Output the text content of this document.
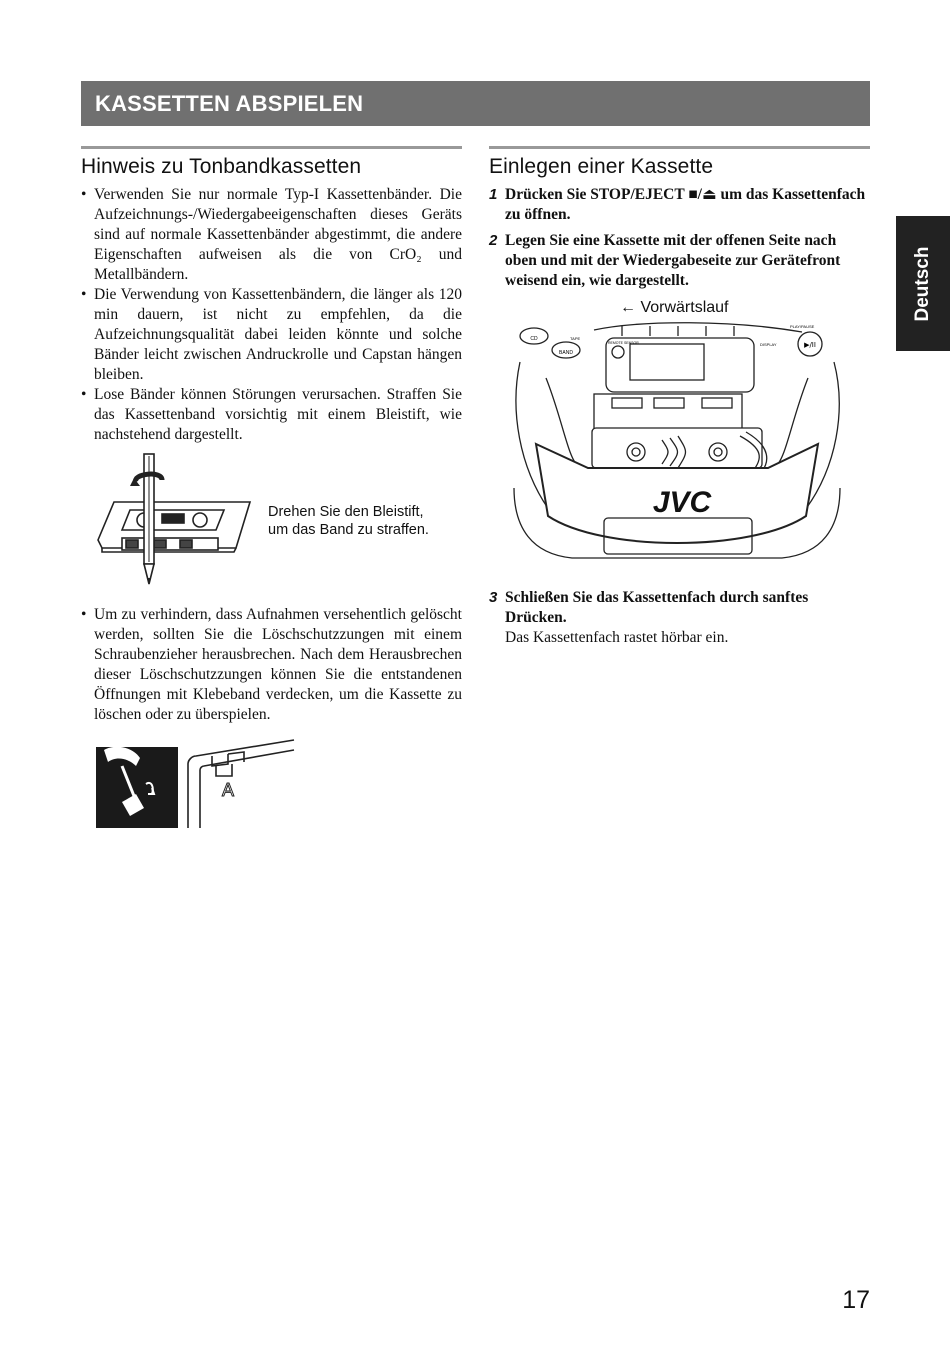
KASSETTEN ABSPIELEN
Deutsch
Hinweis zu Tonbandkassetten
• Verwenden Sie nur normale Typ-I Kassettenbänder. Die Aufzeichnungs-/Wiedergabeeigenschaften dieses Geräts sind auf normale Kassettenbänder abgestimmt, die andere Eigenschaften aufweisen als die von CrO₂ und Metallbändern.
• Die Verwendung von Kassettenbändern, die länger als 120 min dauern, ist nicht zu empfehlen, da die Aufzeichnungsqualität dabei leiden könnte und solche Bänder leicht zwischen Andruckrolle und Capstan hängen bleiben.
• Lose Bänder können Störungen verursachen. Straffen Sie das Kassettenband vorsichtig mit einem Bleistift, wie nachstehend dargestellt.
Drehen Sie den Bleistift,
um das Band zu straffen.
• Um zu verhindern, dass Aufnahmen versehentlich gelöscht werden, sollten Sie die Löschschutzzungen mit einem Schraubenzieher herausbrechen. Nach dem Herausbrechen dieser Löschschutzzungen können Sie die entstandenen Öffnungen mit Klebeband verdecken, um die Kassette zu löschen oder zu überspielen.
A
Einlegen einer Kassette
1 Drücken Sie STOP/EJECT ■/⏏ um das Kassettenfach zu öffnen.
2 Legen Sie eine Kassette mit der offenen Seite nach oben und mit der Wiedergabeseite zur Gerätefront weisend ein, wie dargestellt.
← Vorwärtslauf
CD
BAND
TAPE
REMOTE SENSOR	DISPLAY
PLAY/PAUSE
▶/II
JVC
3 Schließen Sie das Kassettenfach durch sanftes Drücken.
Das Kassettenfach rastet hörbar ein.
17
